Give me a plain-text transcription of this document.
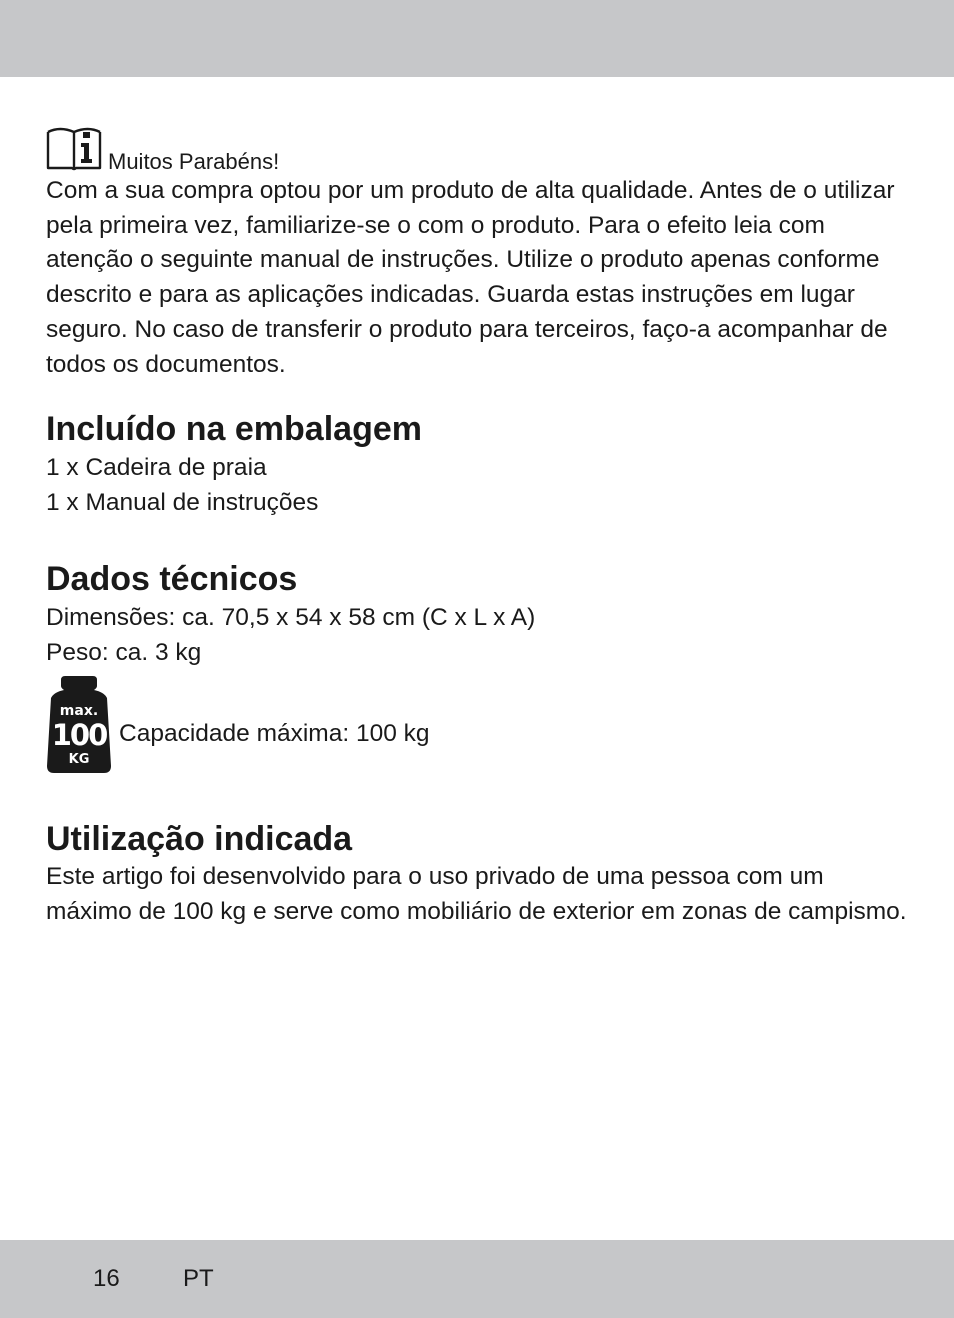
Muitos Parabéns!

Com a sua compra optou por um produto de alta qualidade. Antes de o utilizar pela primeira vez, familiarize-se o com o produto. Para o efeito leia com atenção o seguinte manual de instruções. Utilize o produto apenas conforme descrito e para as aplicações indicadas. Guarda estas instruções em lugar seguro. No caso de transferir o produto para terceiros, faço-a acompanhar de todos os documentos.

Incluído na embalagem
1 x Cadeira de praia
1 x Manual de instruções
Dados técnicos
Dimensões: ca. 70,5 x 54 x 58 cm (C x L x A)
Peso: ca. 3 kg
max.
100
KG
Capacidade máxima: 100 kg
Utilização indicada

Este artigo foi desenvolvido para o uso privado de uma pessoa com um máximo de 100 kg e serve como mobiliário de exterior em zonas de campismo.

16	PT
